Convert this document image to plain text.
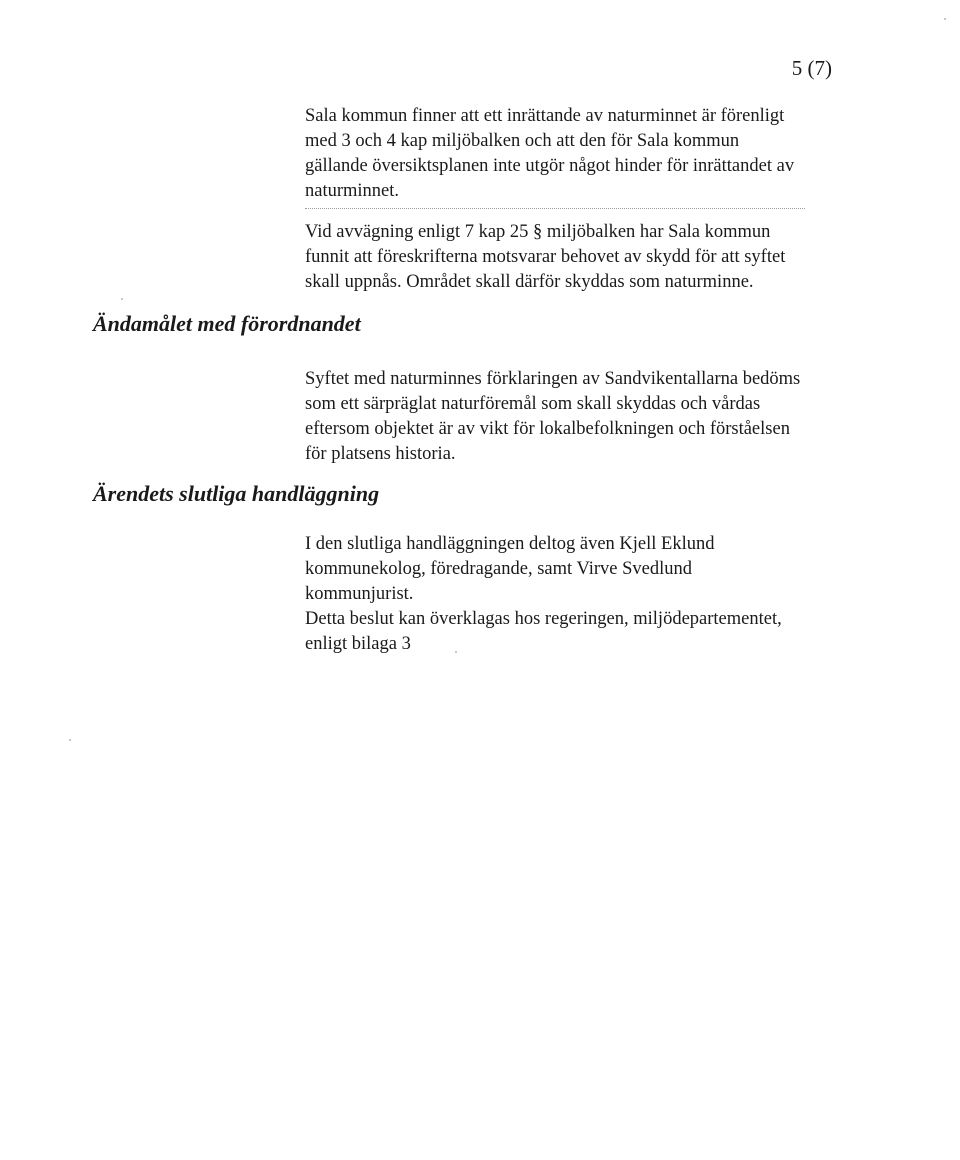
5 (7)
Sala kommun finner att ett inrättande av naturminnet är förenligt
med 3 och 4 kap miljöbalken och att den för Sala kommun
gällande översiktsplanen inte utgör något hinder för inrättandet av
naturminnet.
Vid avvägning enligt 7 kap 25 § miljöbalken har Sala kommun
funnit att föreskrifterna motsvarar behovet av skydd för att syftet
skall uppnås. Området skall därför skyddas som naturminne.
Ändamålet med förordnandet
Syftet med naturminnes förklaringen av Sandvikentallarna bedöms
som ett särpräglat naturföremål som skall skyddas och vårdas
eftersom objektet är av vikt för lokalbefolkningen och förståelsen
för platsens historia.
Ärendets slutliga handläggning
I den slutliga handläggningen deltog även Kjell Eklund
kommunekolog, föredragande, samt Virve Svedlund
kommunjurist.
Detta beslut kan överklagas hos regeringen, miljödepartementet,
enligt bilaga 3
